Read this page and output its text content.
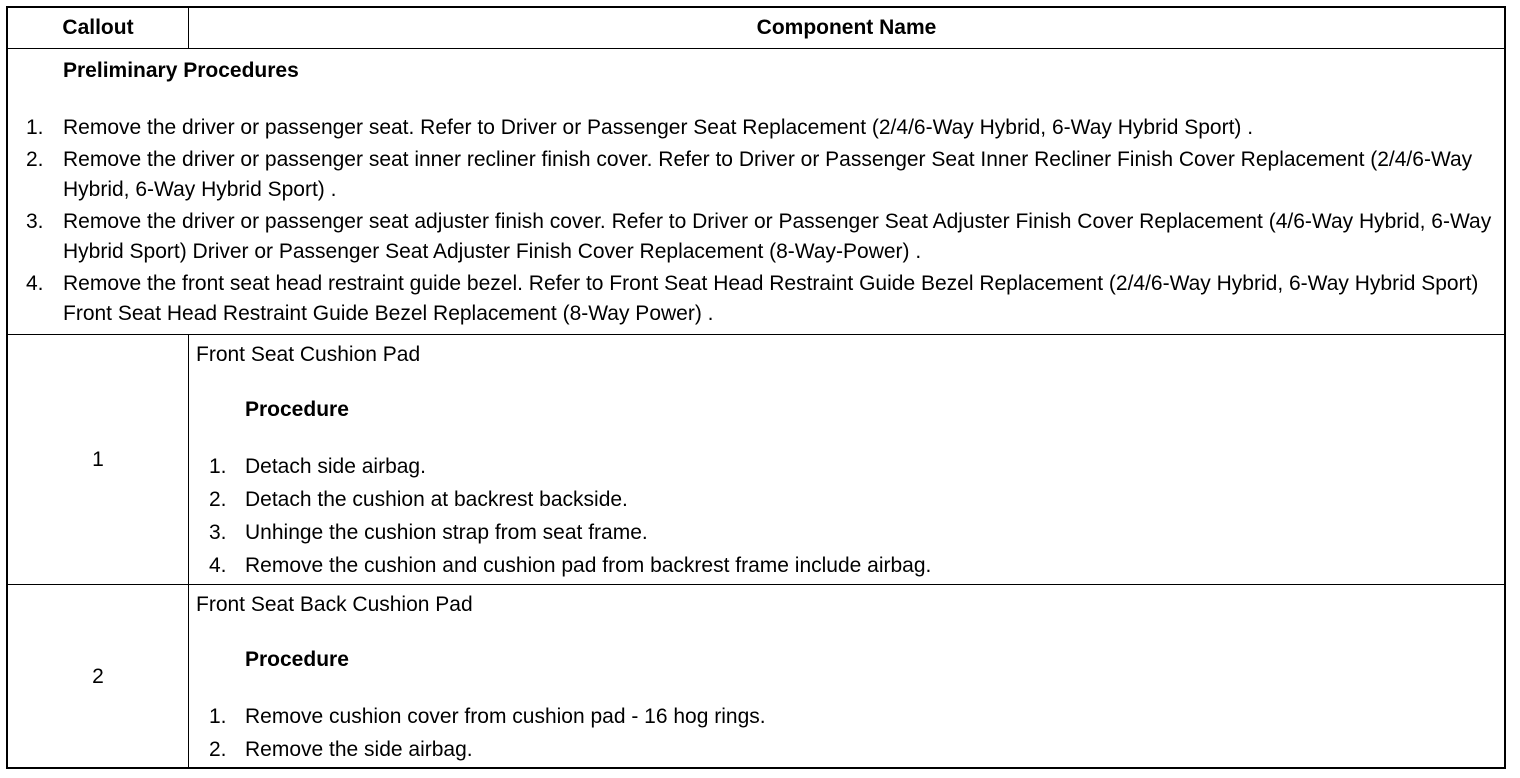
Callout	Component Name
Preliminary Procedures
1. Remove the driver or passenger seat. Refer to Driver or Passenger Seat Replacement (2/4/6-Way Hybrid, 6-Way Hybrid Sport) .
2. Remove the driver or passenger seat inner recliner finish cover. Refer to Driver or Passenger Seat Inner Recliner Finish Cover Replacement (2/4/6-Way Hybrid, 6-Way Hybrid Sport) .
3. Remove the driver or passenger seat adjuster finish cover. Refer to Driver or Passenger Seat Adjuster Finish Cover Replacement (4/6-Way Hybrid, 6-Way Hybrid Sport) Driver or Passenger Seat Adjuster Finish Cover Replacement (8-Way-Power) .
4. Remove the front seat head restraint guide bezel. Refer to Front Seat Head Restraint Guide Bezel Replacement (2/4/6-Way Hybrid, 6-Way Hybrid Sport) Front Seat Head Restraint Guide Bezel Replacement (8-Way Power) .
1
Front Seat Cushion Pad
Procedure
1. Detach side airbag.
2. Detach the cushion at backrest backside.
3. Unhinge the cushion strap from seat frame.
4. Remove the cushion and cushion pad from backrest frame include airbag.
2
Front Seat Back Cushion Pad
Procedure
1. Remove cushion cover from cushion pad - 16 hog rings.
2. Remove the side airbag.
